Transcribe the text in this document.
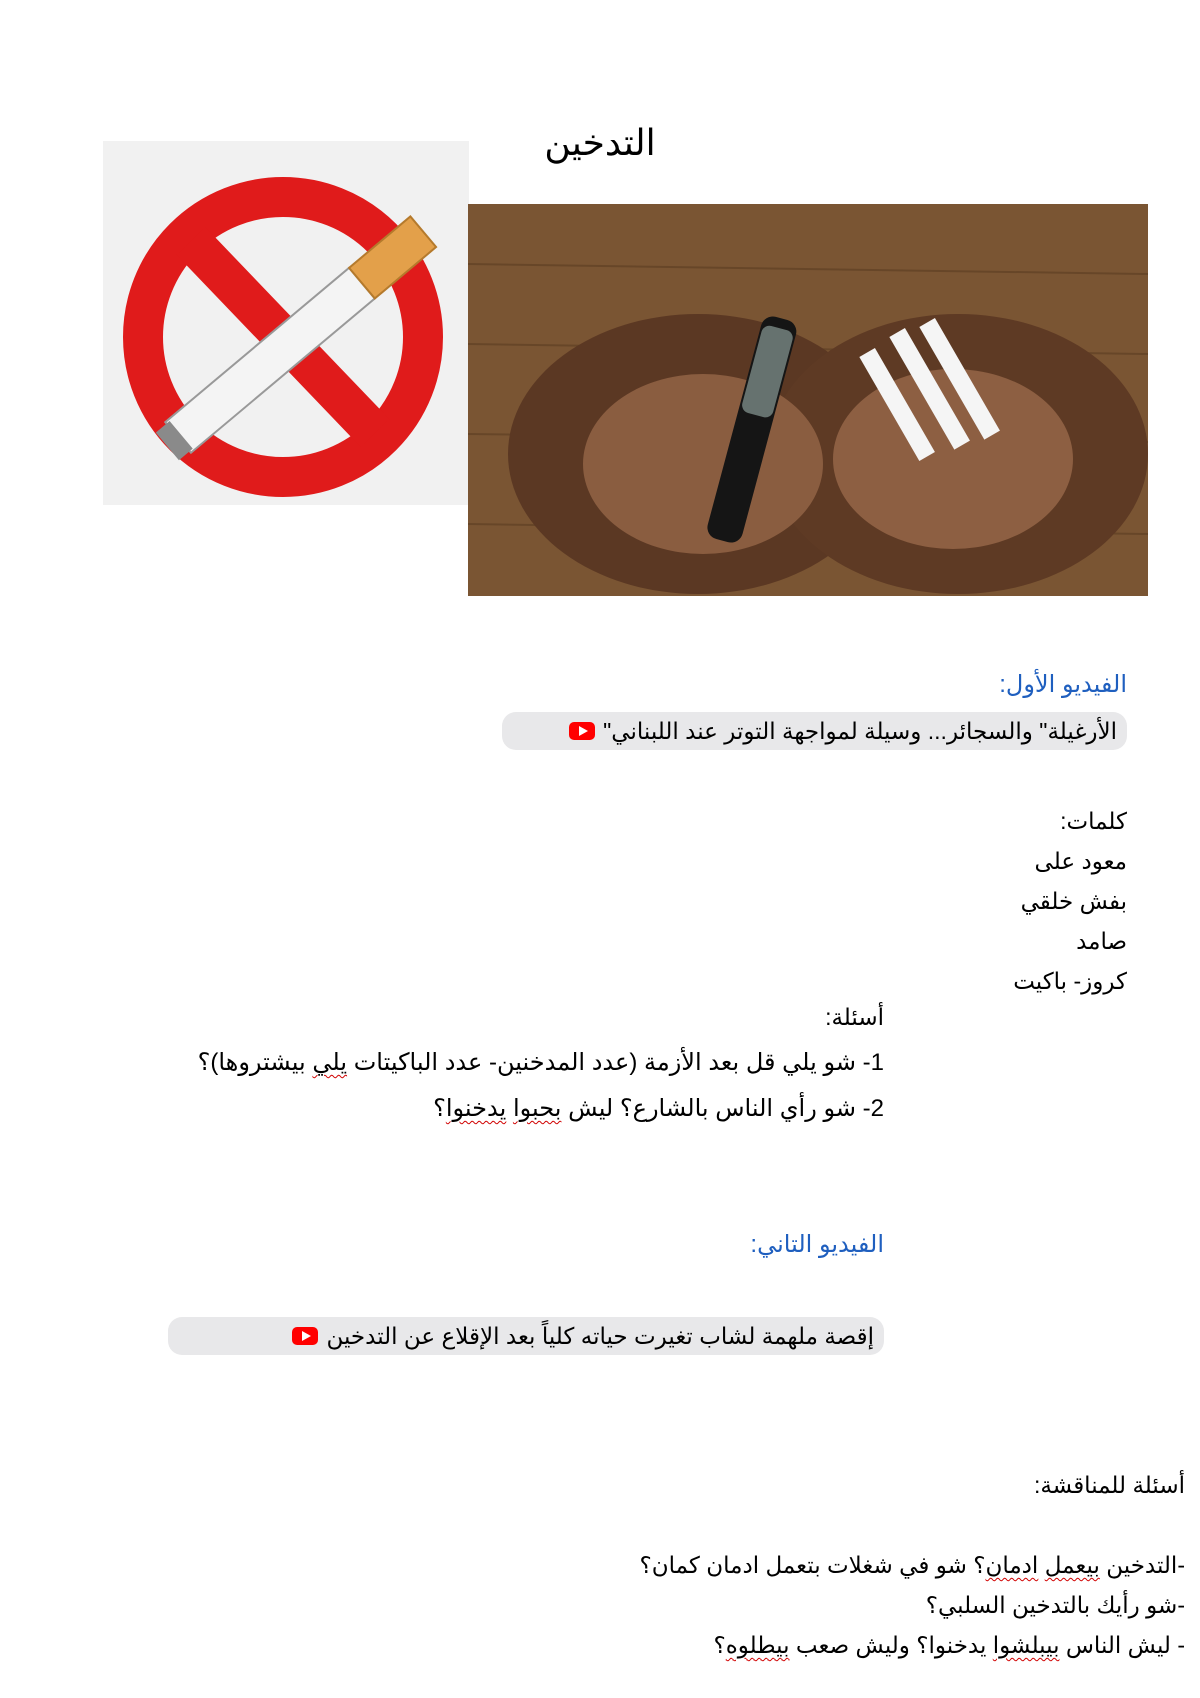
التدخين
الفيديو الأول:
الأرغيلة" والسجائر... وسيلة لمواجهة التوتر عند اللبناني"
كلمات:
معود على
بفش خلقي
صامد
كروز- باكيت
أسئلة:
1- شو يلي قل بعد الأزمة (عدد المدخنين- عدد الباكيتات يلي بيشتروها)؟
2- شو رأي الناس بالشارع؟ ليش بحبوا يدخنوا؟
الفيديو التاني:
إقصة ملهمة لشاب تغيرت حياته كلياً بعد الإقلاع عن التدخين
أسئلة للمناقشة:
-التدخين بيعمل ادمان؟ شو في شغلات بتعمل ادمان كمان؟
-شو رأيك بالتدخين السلبي؟
- ليش الناس بيبلشوا يدخنوا؟ وليش صعب بيطلوه؟
